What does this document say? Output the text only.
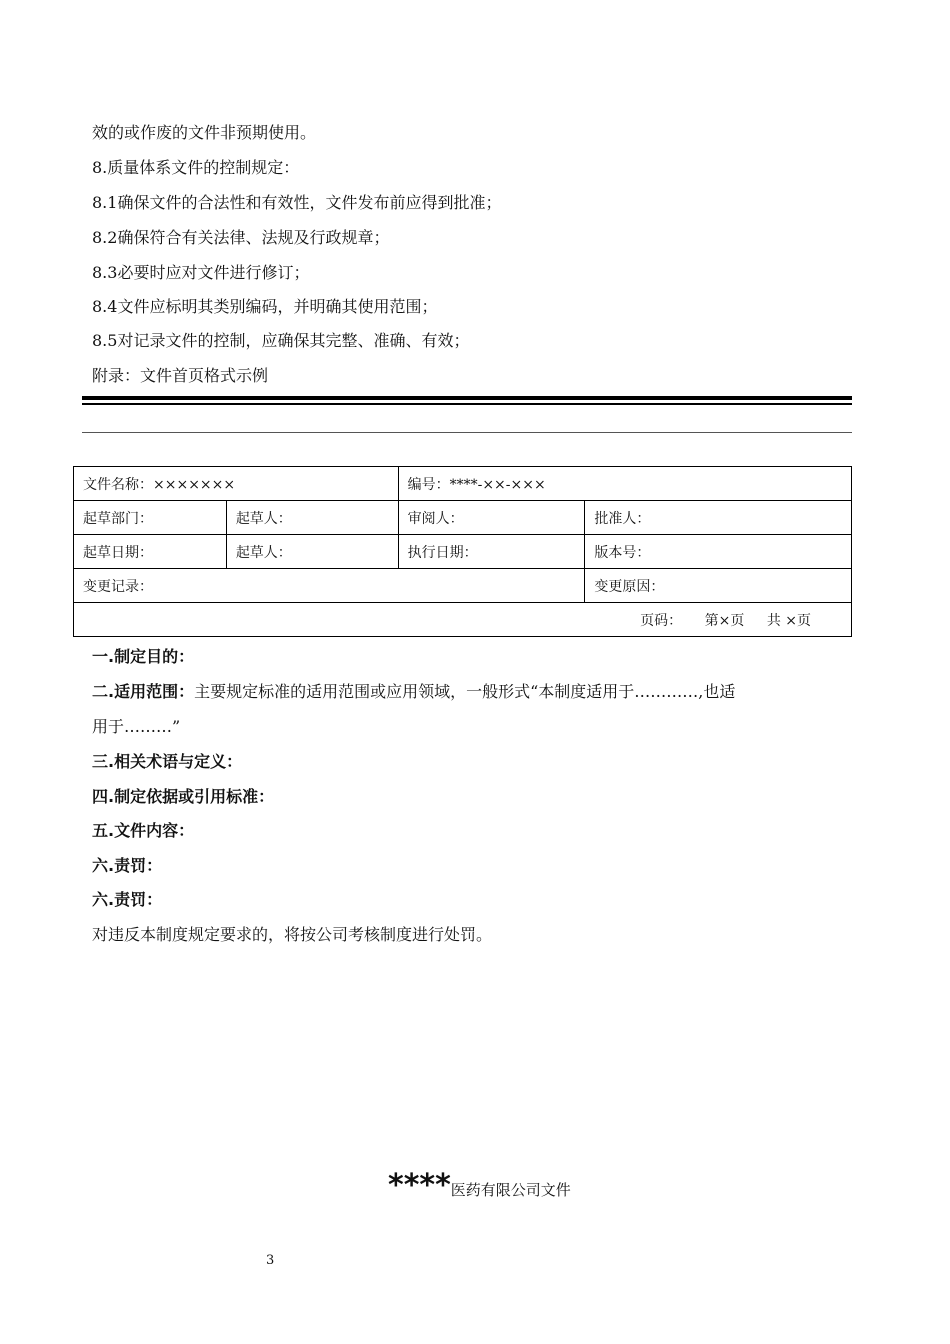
效的或作废的文件非预期使用。
8.质量体系文件的控制规定：
8.1确保文件的合法性和有效性，文件发布前应得到批准；
8.2确保符合有关法律、法规及行政规章；
8.3必要时应对文件进行修订；
8.4文件应标明其类别编码，并明确其使用范围；
8.5对记录文件的控制，应确保其完整、准确、有效；
附录：文件首页格式示例
文件名称：×××××××		编号：****-××-×××	
起草部门：	起草人：	审阅人：	批准人：
起草日期：	起草人：	执行日期：	版本号：
变更记录：			变更原因：
页码： 第×页 共 ×页			
一.制定目的：
二.适用范围：主要规定标准的适用范围或应用领域，一般形式“本制度适用于…………,也适
用于………”
三.相关术语与定义：
四.制定依据或引用标准：
五.文件内容：
六.责罚：
六.责罚：
对违反本制度规定要求的，将按公司考核制度进行处罚。
****医药有限公司文件
3
